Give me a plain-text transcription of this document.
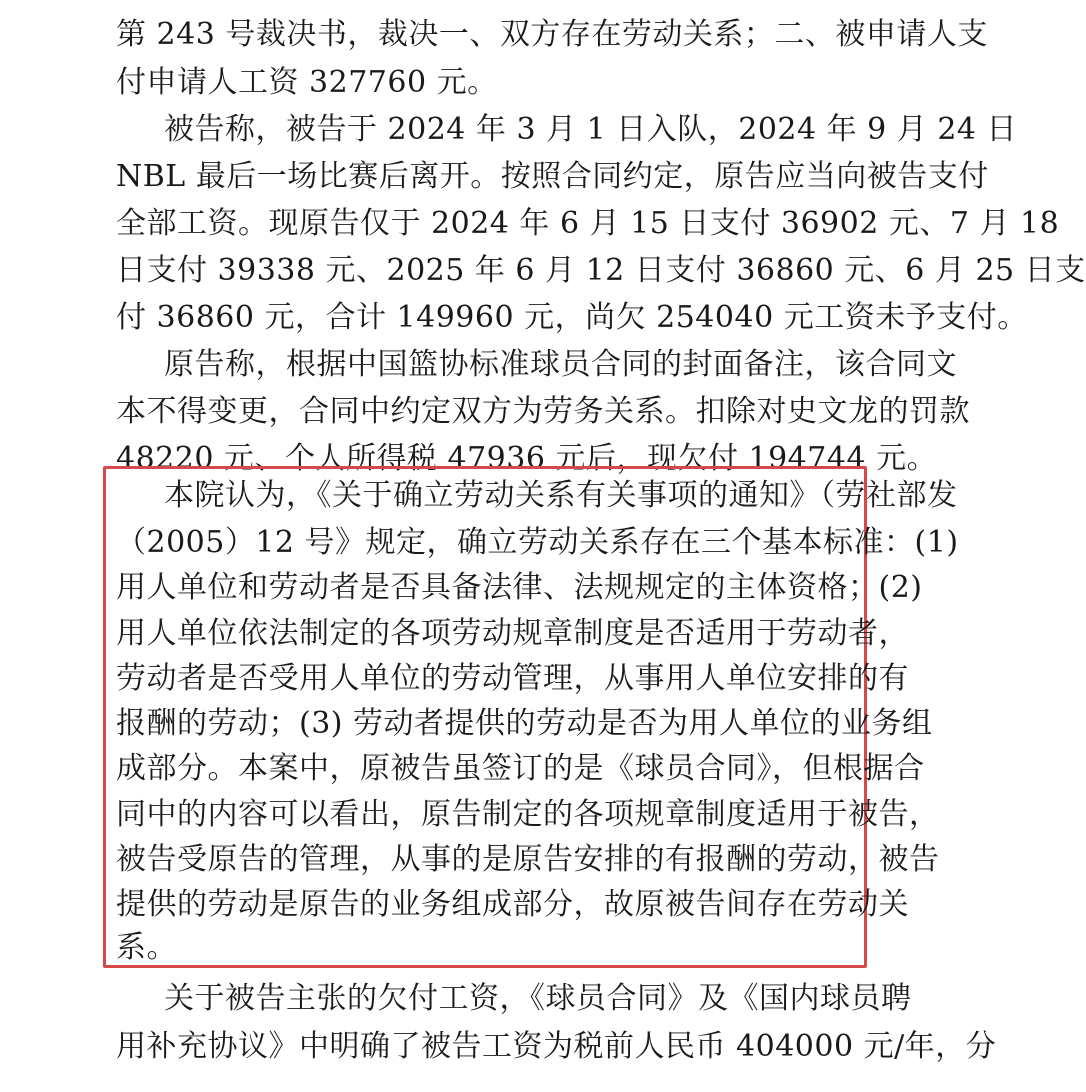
第 243 号裁决书，裁决一、双方存在劳动关系；二、被申请人支
付申请人工资 327760 元。
被告称，被告于 2024 年 3 月 1 日入队，2024 年 9 月 24 日
NBL 最后一场比赛后离开。按照合同约定，原告应当向被告支付
全部工资。现原告仅于 2024 年 6 月 15 日支付 36902 元、7 月 18
日支付 39338 元、2025 年 6 月 12 日支付 36860 元、6 月 25 日支
付 36860 元，合计 149960 元，尚欠 254040 元工资未予支付。
原告称，根据中国篮协标准球员合同的封面备注，该合同文
本不得变更，合同中约定双方为劳务关系。扣除对史文龙的罚款
48220 元、个人所得税 47936 元后，现欠付 194744 元。
本院认为，《关于确立劳动关系有关事项的通知》（劳社部发
（2005）12 号》规定，确立劳动关系存在三个基本标准：(1)
用人单位和劳动者是否具备法律、法规规定的主体资格；(2)
用人单位依法制定的各项劳动规章制度是否适用于劳动者，
劳动者是否受用人单位的劳动管理，从事用人单位安排的有
报酬的劳动；(3) 劳动者提供的劳动是否为用人单位的业务组
成部分。本案中，原被告虽签订的是《球员合同》，但根据合
同中的内容可以看出，原告制定的各项规章制度适用于被告，
被告受原告的管理，从事的是原告安排的有报酬的劳动，被告
提供的劳动是原告的业务组成部分，故原被告间存在劳动关
系。
关于被告主张的欠付工资，《球员合同》及《国内球员聘
用补充协议》中明确了被告工资为税前人民币 404000 元/年，分
